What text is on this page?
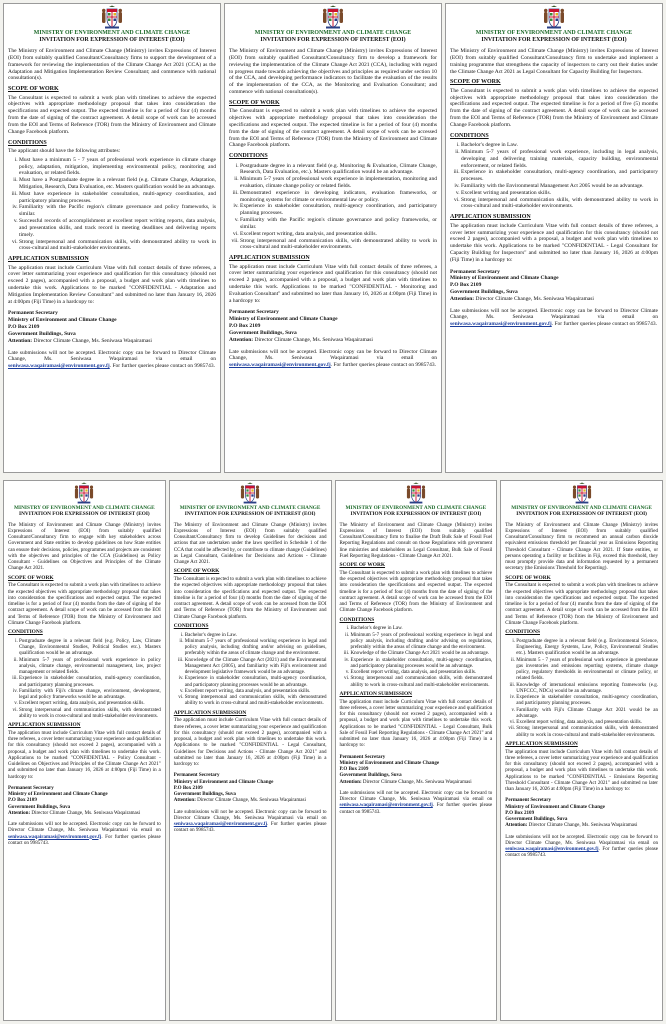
MINISTRY OF ENVIRONMENT AND CLIMATE CHANGE
INVITATION FOR EXPRESSION OF INTEREST (EOI)

The Ministry of Environment and Climate Change (Ministry) invites Expressions of Interest (EOI) from suitably qualified Consultant/Consultancy firms to support the development of a framework for reviewing the implementation of the Climate Change Act 2021 (CCA) as the Adaptation and Mitigation Implementation Review Consultant; and commence with national consultation(s).

SCOPE OF WORK

The Consultant is expected to submit a work plan with timelines to achieve the expected objectives with appropriate methodology proposal that takes into consideration the specifications and expected output. The expected timeline is for a period of four (4) months from the date of signing of the contract agreement. A detail scope of work can be accessed from the EOI and Terms of Reference (TOR) from the Ministry of Environment and Climate Change Facebook platform.

CONDITIONS

The applicant should have the following attributes:

i. Must have a minimum 5 - 7 years of professional work experience in climate change policy, adaptation, mitigation, implementing environmental policy, monitoring and evaluation, or related fields.
ii. Must have a Postgraduate degree in a relevant field (e.g. Climate Change, Adaptation, Mitigation, Research, Data Evaluation, etc. Masters qualification would be an advantage.
iii. Must have experience in stakeholder consultation, multi-agency coordination, and participatory planning processes.
iv. Familiarity with the Pacific region's climate governance and policy frameworks, is similar.
v. Successful records of accomplishment at excellent report writing reports, data analysis, and presentation skills, and track record in meeting deadlines and delivering reports timely.
vi. Strong interpersonal and communication skills, with demonstrated ability to work in cross-cultural and multi-stakeholder environments.
APPLICATION SUBMISSION

The application must include Curriculum Vitae with full contact details of three referees, a cover letter summarizing your experience and qualification for this consultancy (should not exceed 2 pages), accompanied with a proposal, a budget and work plan with timelines to undertake this work. Applications to be marked "CONFIDENTIAL - Adaptation and Mitigation Implementation Review Consultant" and submitted no later than January 16, 2026 at 4:00pm (Fiji Time) in a hardcopy to:

Permanent Secretary
Ministry of Environment and Climate Change
P.O Box 2109
Government Buildings, Suva

Attention: Director Climate Change, Ms. Seniwasa Waqairamasi

Late submissions will not be accepted. Electronic copy can be forward to Director Climate Change, Ms. Seniwasa Waqairamasi via email on seniwasa.waqairamasi@environment.gov.fj. For further queries please contact on 9985743.

MINISTRY OF ENVIRONMENT AND CLIMATE CHANGE
INVITATION FOR EXPRESSION OF INTEREST (EOI)

The Ministry of Environment and Climate Change (Ministry) invites Expressions of Interest (EOI) from suitably qualified Consultant/Consultancy firm to develop a framework for reviewing the implementation of the Climate Change Act 2021 (CCA), including with regard to progress made towards achieving the objectives and principles as required under section 10 of the CCA, and developing performance indicators to facilitate the evaluation of the results of the implementation of the CCA, as the Monitoring and Evaluation Consultant; and commence with national consultation(s).

SCOPE OF WORK

The Consultant is expected to submit a work plan with timelines to achieve the expected objectives with appropriate methodology proposal that takes into consideration the specifications and expected output. The expected timeline is for a period of four (4) months from the date of signing of the contract agreement. A detail scope of work can be accessed from the EOI and Terms of Reference (TOR) from the Ministry of Environment and Climate Change Facebook platform.

CONDITIONS

i. Postgraduate degree in a relevant field (e.g. Monitoring & Evaluation, Climate Change, Research, Data Evaluation, etc.). Masters qualification would be an advantage.
ii. Minimum 5-7 years of professional work experience in implementation, monitoring and evaluation, climate change policy or related fields.
iii. Demonstrated experience in developing indicators, evaluation frameworks, or monitoring systems for climate or environmental law or policy.
iv. Experience in stakeholder consultation, multi-agency coordination, and participatory planning processes.
v. Familiarity with the Pacific region's climate governance and policy frameworks, or similar.
vi. Excellent report writing, data analysis, and presentation skills.
vii. Strong interpersonal and communication skills, with demonstrated ability to work in cross-cultural and multi-stakeholder environments.
APPLICATION SUBMISSION

The application must include Curriculum Vitae with full contact details of three referees, a cover letter summarizing your experience and qualification for this consultancy (should not exceed 2 pages), accompanied with a proposal, a budget and work plan with timelines to undertake this work. Applications to be marked "CONFIDENTIAL - Monitoring and Evaluation Consultant" and submitted no later than January 16, 2026 at 4:00pm (Fiji Time) in a hardcopy to:

Permanent Secretary
Ministry of Environment and Climate Change
P.O Box 2109
Government Buildings, Suva

Attention: Director Climate Change, Ms. Seniwasa Waqairamasi

Late submissions will not be accepted. Electronic copy can be forward to Director Climate Change, Ms. Seniwasa Waqairamasi via email on seniwasa.waqairamasi@environment.gov.fj. For further queries please contact on 9985743.

MINISTRY OF ENVIRONMENT AND CLIMATE CHANGE
INVITATION FOR EXPRESSION OF INTEREST (EOI)

The Ministry of Environment and Climate Change (Ministry) invites Expressions of Interest (EOI) from suitably qualified Consultant/Consultancy firm to undertake and implement a training programme that strengthens the capacity of inspectors to carry out their duties under the Climate Change Act 2021 as Legal Consultant for Capacity Building for Inspectors.

SCOPE OF WORK

The Consultant is expected to submit a work plan with timelines to achieve the expected objectives with appropriate methodology proposal that takes into consideration the specifications and expected output. The expected timeline is for a period of five (5) months from the date of signing of the contract agreement. A detail scope of work can be accessed from the EOI and Terms of Reference (TOR) from the Ministry of Environment and Climate Change Facebook platform.

CONDITIONS

i. Bachelor's degree in Law.
ii. Minimum 5-7 years of professional work experience, including in legal analysis, developing and delivering training materials, capacity building, environmental enforcement, or related fields.
iii. Experience in stakeholder consultation, multi-agency coordination, and participatory processes.
iv. Familiarity with the Environmental Management Act 2005 would be an advantage.
v. Excellent writing and presentation skills.
vi. Strong interpersonal and communication skills, with demonstrated ability to work in cross-cultural and multi-stakeholder environments.
APPLICATION SUBMISSION

The application must include Curriculum Vitae with full contact details of three referees, a cover letter summarizing your experience and qualification for this consultancy (should not exceed 2 pages), accompanied with a proposal, a budget and work plan with timelines to undertake this work. Applications to be marked "CONFIDENTIAL - Legal Consultant for Capacity Building for Inspectors" and submitted no later than January 16, 2026 at 4:00pm (Fiji Time) in a hardcopy to:

Permanent Secretary
Ministry of Environment and Climate Change
P.O Box 2109
Government Buildings, Suva

Attention: Director Climate Change, Ms. Seniwasa Waqairamasi

Late submissions will not be accepted. Electronic copy can be forward to Director Climate Change, Ms. Seniwasa Waqairamasi via email on seniwasa.waqairamasi@environment.gov.fj. For further queries please contact on 9985743.

MINISTRY OF ENVIRONMENT AND CLIMATE CHANGE
INVITATION FOR EXPRESSION OF INTEREST (EOI)

The Ministry of Environment and Climate Change (Ministry) invites Expressions of Interest (EOI) from suitably qualified Consultant/Consultancy firm to engage with key stakeholders across Government and State entities to develop guidelines on how State entities can ensure their decisions, policies, programmes and projects are consistent with the objectives and principles of the CCA (Guidelines) as Policy Consultant - Guidelines on Objectives and Principles of the Climate Change Act 2021.

SCOPE OF WORK

The Consultant is expected to submit a work plan with timelines to achieve the expected objectives with appropriate methodology proposal that takes into consideration the specifications and expected output. The expected timeline is for a period of four (4) months from the date of signing of the contract agreement. A detail scope of work can be accessed from the EOI and Terms of Reference (TOR) from the Ministry of Environment and Climate Change Facebook platform.

CONDITIONS

i. Postgraduate degree in a relevant field (e.g. Policy, Law, Climate Change, Environmental Studies, Political Studies etc.). Masters qualification would be an advantage.
ii. Minimum 5-7 years of professional work experience in policy analysis, climate change, environmental management, law, project management or related fields.
iii. Experience in stakeholder consultation, multi-agency coordination, and participatory planning processes.
iv. Familiarity with Fiji's climate change, environment, development, legal and policy frameworks would be an advantage.
v. Excellent report writing, data analysis, and presentation skills.
vi. Strong interpersonal and communication skills, with demonstrated ability to work in cross-cultural and multi-stakeholder environments.
APPLICATION SUBMISSION

The application must include Curriculum Vitae with full contact details of three referees, a cover letter summarizing your experience and qualification for this consultancy (should not exceed 2 pages), accompanied with a proposal, a budget and work plan with timelines to undertake this work. Applications to be marked "CONFIDENTIAL - Policy Consultant - Guidelines on Objectives and Principles of the Climate Change Act 2021" and submitted no later than January 16, 2026 at 4:00pm (Fiji Time) in a hardcopy to:

Permanent Secretary
Ministry of Environment and Climate Change
P.O Box 2109
Government Buildings, Suva

Attention: Director Climate Change, Ms. Seniwasa Waqairamasi

Late submissions will not be accepted. Electronic copy can be forward to Director Climate Change, Ms. Seniwasa Waqairamasi via email on seniwasa.waqairamasi@environment.gov.fj. For further queries please contact on 9985743.

MINISTRY OF ENVIRONMENT AND CLIMATE CHANGE
INVITATION FOR EXPRESSION OF INTEREST (EOI)

The Ministry of Environment and Climate Change (Ministry) invites Expressions of Interest (EOI) from suitably qualified Consultant/Consultancy firm to develop Guidelines for decisions and actions that are undertaken under the laws specified in Schedule 1 of the CCA that could be affected by, or contribute to climate change (Guidelines) as Legal Consultant, Guidelines for Decisions and Actions - Climate Change Act 2021.

SCOPE OF WORK

The Consultant is expected to submit a work plan with timelines to achieve the expected objectives with appropriate methodology proposal that takes into consideration the specifications and expected output. The expected timeline is for a period of four (4) months from the date of signing of the contract agreement. A detail scope of work can be accessed from the EOI and Terms of Reference (TOR) from the Ministry of Environment and Climate Change Facebook platform.

CONDITIONS

i. Bachelor's degree in Law.
ii. Minimum 5-7 years of professional working experience in legal and policy analysis, including drafting and/or advising on guidelines, preferably within the areas of climate change and the environment.
iii. Knowledge of the Climate Change Act (2021) and the Environmental Management Act (2005), and familiarity with Fiji's environment and development legislative framework would be an advantage.
iv. Experience in stakeholder consultation, multi-agency coordination, and participatory planning processes would be an advantage.
v. Excellent report writing, data analysis, and presentation skills.
vi. Strong interpersonal and communication skills, with demonstrated ability to work in cross-cultural and multi-stakeholder environments.
APPLICATION SUBMISSION

The application must include Curriculum Vitae with full contact details of three referees, a cover letter summarizing your experience and qualification for this consultancy (should not exceed 2 pages), accompanied with a proposal, a budget and work plan with timelines to undertake this work. Applications to be marked "CONFIDENTIAL - Legal Consultant, Guidelines for Decisions and Actions - Climate Change Act 2021" and submitted no later than January 16, 2026 at 4:00pm (Fiji Time) in a hardcopy to:

Permanent Secretary
Ministry of Environment and Climate Change
P.O Box 2109
Government Buildings, Suva

Attention: Director Climate Change, Ms. Seniwasa Waqairamasi

Late submissions will not be accepted. Electronic copy can be forward to Director Climate Change, Ms. Seniwasa Waqairamasi via email on seniwasa.waqairamasi@environment.gov.fj. For further queries please contact on 9985743.

MINISTRY OF ENVIRONMENT AND CLIMATE CHANGE
INVITATION FOR EXPRESSION OF INTEREST (EOI)

The Ministry of Environment and Climate Change (Ministry) invites Expressions of Interest (EOI) from suitably qualified Consultant/Consultancy firm to finalise the Draft Bulk Sale of Fossil Fuel Reporting Regulations and consult on those Regulations with government line ministries and stakeholders as Legal Consultant, Bulk Sale of Fossil Fuel Reporting Regulations - Climate Change Act 2021.

SCOPE OF WORK

The Consultant is expected to submit a work plan with timelines to achieve the expected objectives with appropriate methodology proposal that takes into consideration the specifications and expected output. The expected timeline is for a period of four (4) months from the date of signing of the contract agreement. A detail scope of work can be accessed from the EOI and Terms of Reference (TOR) from the Ministry of Environment and Climate Change Facebook platform.

CONDITIONS

i. Bachelor's degree in Law.
ii. Minimum 5-7 years of professional working experience in legal and policy analysis, including drafting and/or advising on regulations, preferably within the areas of climate change and the environment.
iii. Knowledge of the Climate Change Act 2021 would be an advantage.
iv. Experience in stakeholder consultation, multi-agency coordination, and participatory planning processes would be an advantage.
v. Excellent report writing, data analysis, and presentation skills.
vi. Strong interpersonal and communication skills, with demonstrated ability to work in cross-cultural and multi-stakeholder environments.
APPLICATION SUBMISSION

The application must include Curriculum Vitae with full contact details of three referees, a cover letter summarizing your experience and qualification for this consultancy (should not exceed 2 pages), accompanied with a proposal, a budget and work plan with timelines to undertake this work. Applications to be marked "CONFIDENTIAL - Legal Consultant, Bulk Sale of Fossil Fuel Reporting Regulations - Climate Change Act 2021" and submitted no later than January 16, 2026 at 4:00pm (Fiji Time) in a hardcopy to:

Permanent Secretary
Ministry of Environment and Climate Change
P.O Box 2109
Government Buildings, Suva

Attention: Director Climate Change, Ms. Seniwasa Waqairamasi

Late submissions will not be accepted. Electronic copy can be forward to Director Climate Change, Ms. Seniwasa Waqairamasi via email on seniwasa.waqairamasi@environment.gov.fj. For further queries please contact on 9985743.

MINISTRY OF ENVIRONMENT AND CLIMATE CHANGE
INVITATION FOR EXPRESSION OF INTEREST (EOI)

The Ministry of Environment and Climate Change (Ministry) invites Expressions of Interest (EOI) from suitably qualified Consultant/Consultancy firm to recommend an annual carbon dioxide equivalent emissions threshold per financial year as Emissions Reporting Threshold Consultant - Climate Change Act 2021. If State entities, or persons operating a facility or facilities in Fiji, exceed this threshold, they must promptly provide data and information requested by a permanent secretary (the Emissions Threshold for Reporting).

SCOPE OF WORK

The Consultant is expected to submit a work plan with timelines to achieve the expected objectives with appropriate methodology proposal that takes into consideration the specifications and expected output. The expected timeline is for a period of four (4) months from the date of signing of the contract agreement. A detail scope of work can be accessed from the EOI and Terms of Reference (TOR) from the Ministry of Environment and Climate Change Facebook platform.

CONDITIONS

i. Postgraduate degree in a relevant field (e.g. Environmental Science, Engineering, Energy Systems, Law, Policy, Environmental Studies etc.). Masters qualification would be an advantage.
ii. Minimum 5 - 7 years of professional work experience in greenhouse gas inventories and emissions reporting systems, climate change policy, regulatory thresholds in environmental or climate policy, or related fields.
iii. Knowledge of international emissions reporting frameworks (e.g. UNFCCC, NDCs) would be an advantage.
iv. Experience in stakeholder consultation, multi-agency coordination, and participatory planning processes.
v. Familiarity with Fiji's Climate Change Act 2021 would be an advantage.
vi. Excellent report writing, data analysis, and presentation skills.
vii. Strong interpersonal and communication skills, with demonstrated ability to work in cross-cultural and multi-stakeholder environments.
APPLICATION SUBMISSION

The application must include Curriculum Vitae with full contact details of three referees, a cover letter summarizing your experience and qualification for this consultancy (should not exceed 2 pages), accompanied with a proposal, a budget and work plan with timelines to undertake this work. Applications to be marked "CONFIDENTIAL - Emissions Reporting Threshold Consultant - Climate Change Act 2021" and submitted no later than January 16, 2026 at 4:00pm (Fiji Time) in a hardcopy to:

Permanent Secretary
Ministry of Environment and Climate Change
P.O Box 2109
Government Buildings, Suva

Attention: Director Climate Change, Ms. Seniwasa Waqairamasi

Late submissions will not be accepted. Electronic copy can be forward to Director Climate Change, Ms. Seniwasa Waqairamasi via email on seniwasa.waqairamasi@environment.gov.fj. For further queries please contact on 9985743.
